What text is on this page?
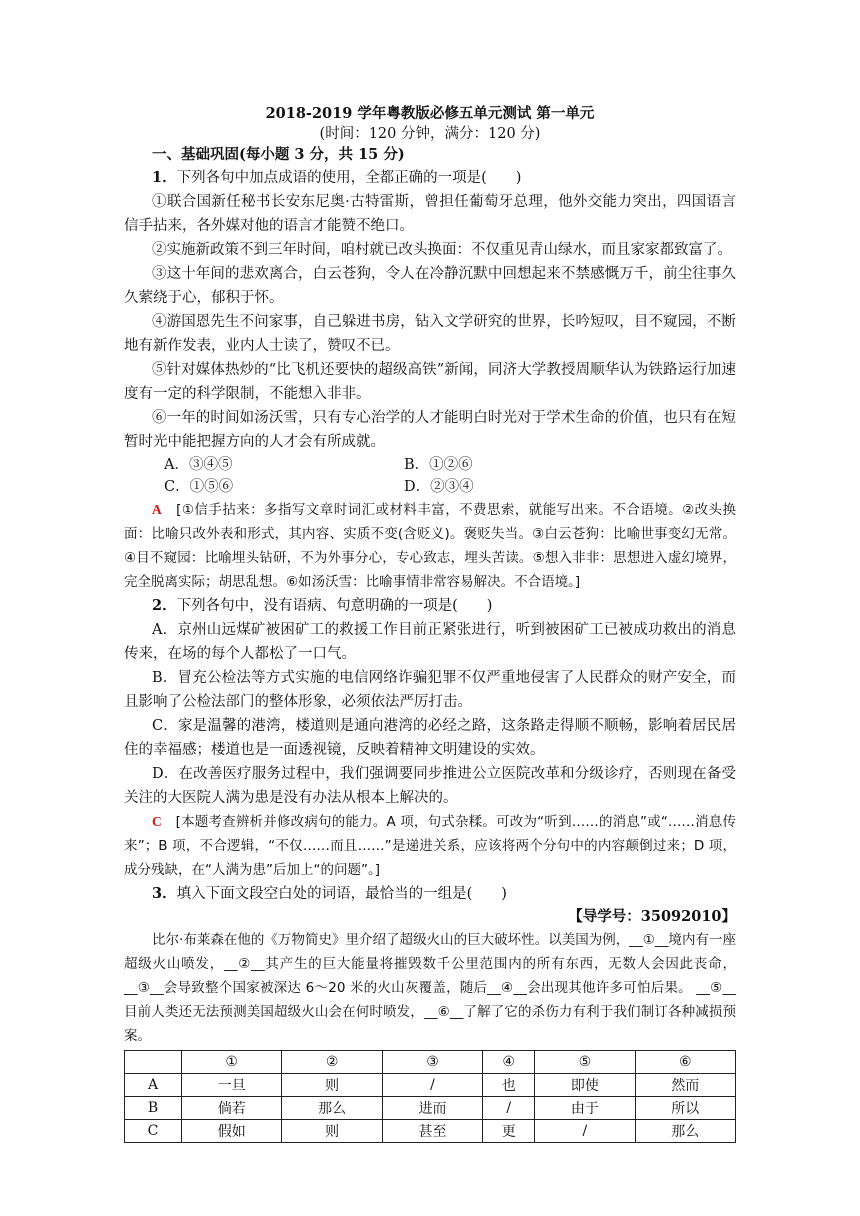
2018-2019 学年粤教版必修五单元测试 第一单元
(时间：120 分钟，满分：120 分)
一、基础巩固(每小题 3 分，共 15 分)
1．下列各句中加点成语的使用，全都正确的一项是(　　)

①联合国新任秘书长安东尼奥·古特雷斯，曾担任葡萄牙总理，他外交能力突出，四国语言信手拈来，各外媒对他的语言才能赞不绝口。

②实施新政策不到三年时间，咱村就已改头换面：不仅重见青山绿水，而且家家都致富了。

③这十年间的悲欢离合，白云苍狗，令人在冷静沉默中回想起来不禁感慨万千，前尘往事久久萦绕于心，郁积于怀。

④游国恩先生不问家事，自己躲进书房，钻入文学研究的世界，长吟短叹，目不窥园，不断地有新作发表，业内人士读了，赞叹不已。

⑤针对媒体热炒的“比飞机还要快的超级高铁”新闻，同济大学教授周顺华认为铁路运行加速度有一定的科学限制，不能想入非非。

⑥一年的时间如汤沃雪，只有专心治学的人才能明白时光对于学术生命的价值，也只有在短暂时光中能把握方向的人才会有所成就。

A．③④⑤	B．①②⑥
C．①⑤⑥	D．②③④

A　 [①信手拈来：多指写文章时词汇或材料丰富，不费思索，就能写出来。不合语境。②改头换面：比喻只改外表和形式，其内容、实质不变(含贬义)。褒贬失当。③白云苍狗：比喻世事变幻无常。④目不窥园：比喻埋头钻研，不为外事分心，专心致志，埋头苦读。⑤想入非非：思想进入虚幻境界，完全脱离实际；胡思乱想。⑥如汤沃雪：比喻事情非常容易解决。不合语境。]

2．下列各句中，没有语病、句意明确的一项是(　　)

A．京州山远煤矿被困矿工的救援工作目前正紧张进行，听到被困矿工已被成功救出的消息传来，在场的每个人都松了一口气。

B．冒充公检法等方式实施的电信网络诈骗犯罪不仅严重地侵害了人民群众的财产安全，而且影响了公检法部门的整体形象，必须依法严厉打击。

C．家是温馨的港湾，楼道则是通向港湾的必经之路，这条路走得顺不顺畅，影响着居民居住的幸福感；楼道也是一面透视镜，反映着精神文明建设的实效。

D．在改善医疗服务过程中，我们强调要同步推进公立医院改革和分级诊疗，否则现在备受关注的大医院人满为患是没有办法从根本上解决的。

C　 [本题考查辨析并修改病句的能力。A 项，句式杂糅。可改为“听到……的消息”或“……消息传来”；B 项，不合逻辑，“不仅……而且……”是递进关系，应该将两个分句中的内容颠倒过来；D 项，成分残缺，在“人满为患”后加上“的问题”。]

3．填入下面文段空白处的词语，最恰当的一组是(　　)
【导学号：35092010】

比尔·布莱森在他的《万物简史》里介绍了超级火山的巨大破坏性。以美国为例，__①__境内有一座超级火山喷发，__②__其产生的巨大能量将摧毁数千公里范围内的所有东西，无数人会因此丧命，__③__会导致整个国家被深达 6～20 米的火山灰覆盖，随后__④__会出现其他许多可怕后果。 __⑤__目前人类还无法预测美国超级火山会在何时喷发，__⑥__了解了它的杀伤力有利于我们制订各种减损预案。

	①	②	③	④	⑤	⑥
A	一旦	则	/	也	即使	然而
B	倘若	那么	进而	/	由于	所以
C	假如	则	甚至	更	/	那么
